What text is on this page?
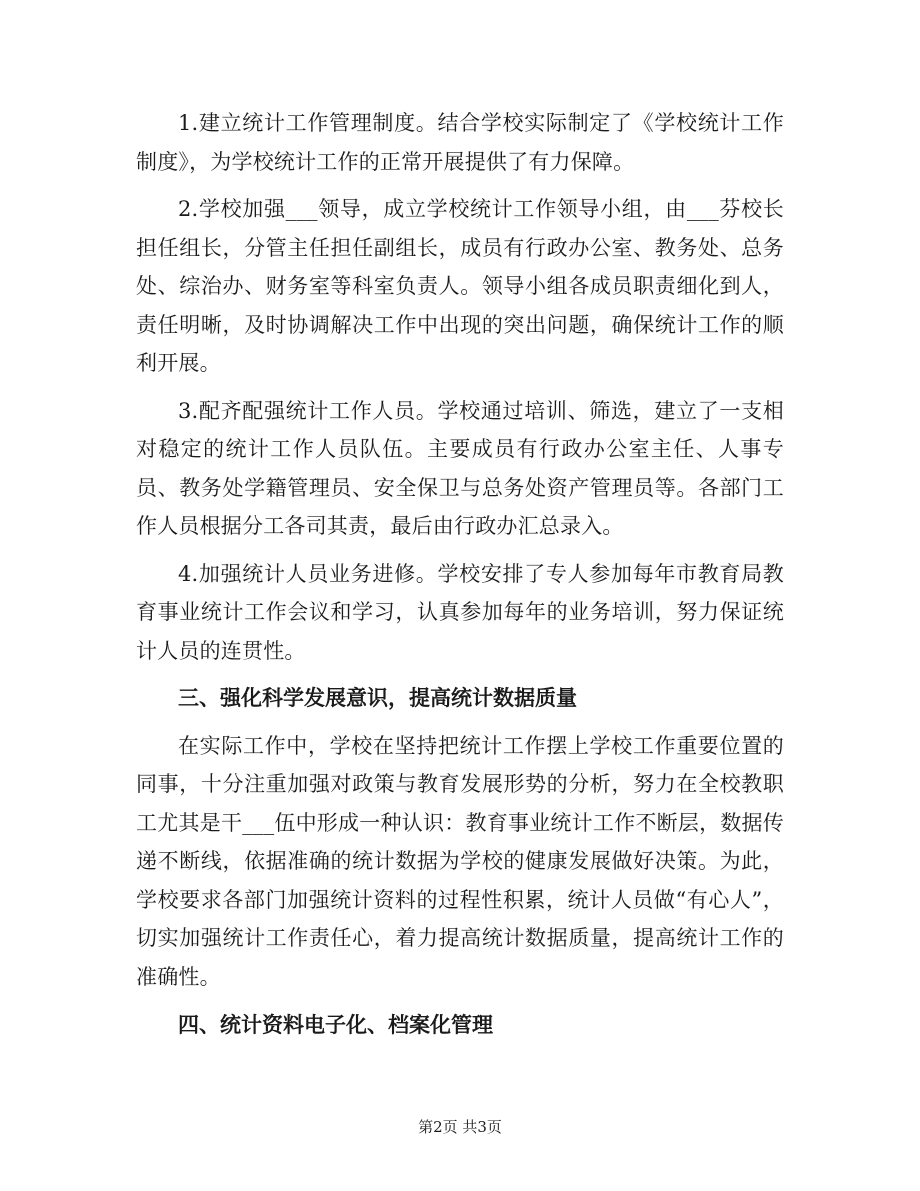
1.建立统计工作管理制度。结合学校实际制定了《学校统计工作制度》，为学校统计工作的正常开展提供了有力保障。

2.学校加强___领导，成立学校统计工作领导小组，由___芬校长担任组长，分管主任担任副组长，成员有行政办公室、教务处、总务处、综治办、财务室等科室负责人。领导小组各成员职责细化到人，责任明晰，及时协调解决工作中出现的突出问题，确保统计工作的顺利开展。

3.配齐配强统计工作人员。学校通过培训、筛选，建立了一支相对稳定的统计工作人员队伍。主要成员有行政办公室主任、人事专员、教务处学籍管理员、安全保卫与总务处资产管理员等。各部门工作人员根据分工各司其责，最后由行政办汇总录入。

4.加强统计人员业务进修。学校安排了专人参加每年市教育局教育事业统计工作会议和学习，认真参加每年的业务培训，努力保证统计人员的连贯性。

三、强化科学发展意识，提高统计数据质量

在实际工作中，学校在坚持把统计工作摆上学校工作重要位置的同事，十分注重加强对政策与教育发展形势的分析，努力在全校教职工尤其是干___伍中形成一种认识：教育事业统计工作不断层，数据传递不断线，依据准确的统计数据为学校的健康发展做好决策。为此，学校要求各部门加强统计资料的过程性积累，统计人员做“有心人”，切实加强统计工作责任心，着力提高统计数据质量，提高统计工作的准确性。

四、统计资料电子化、档案化管理

第2页 共3页
